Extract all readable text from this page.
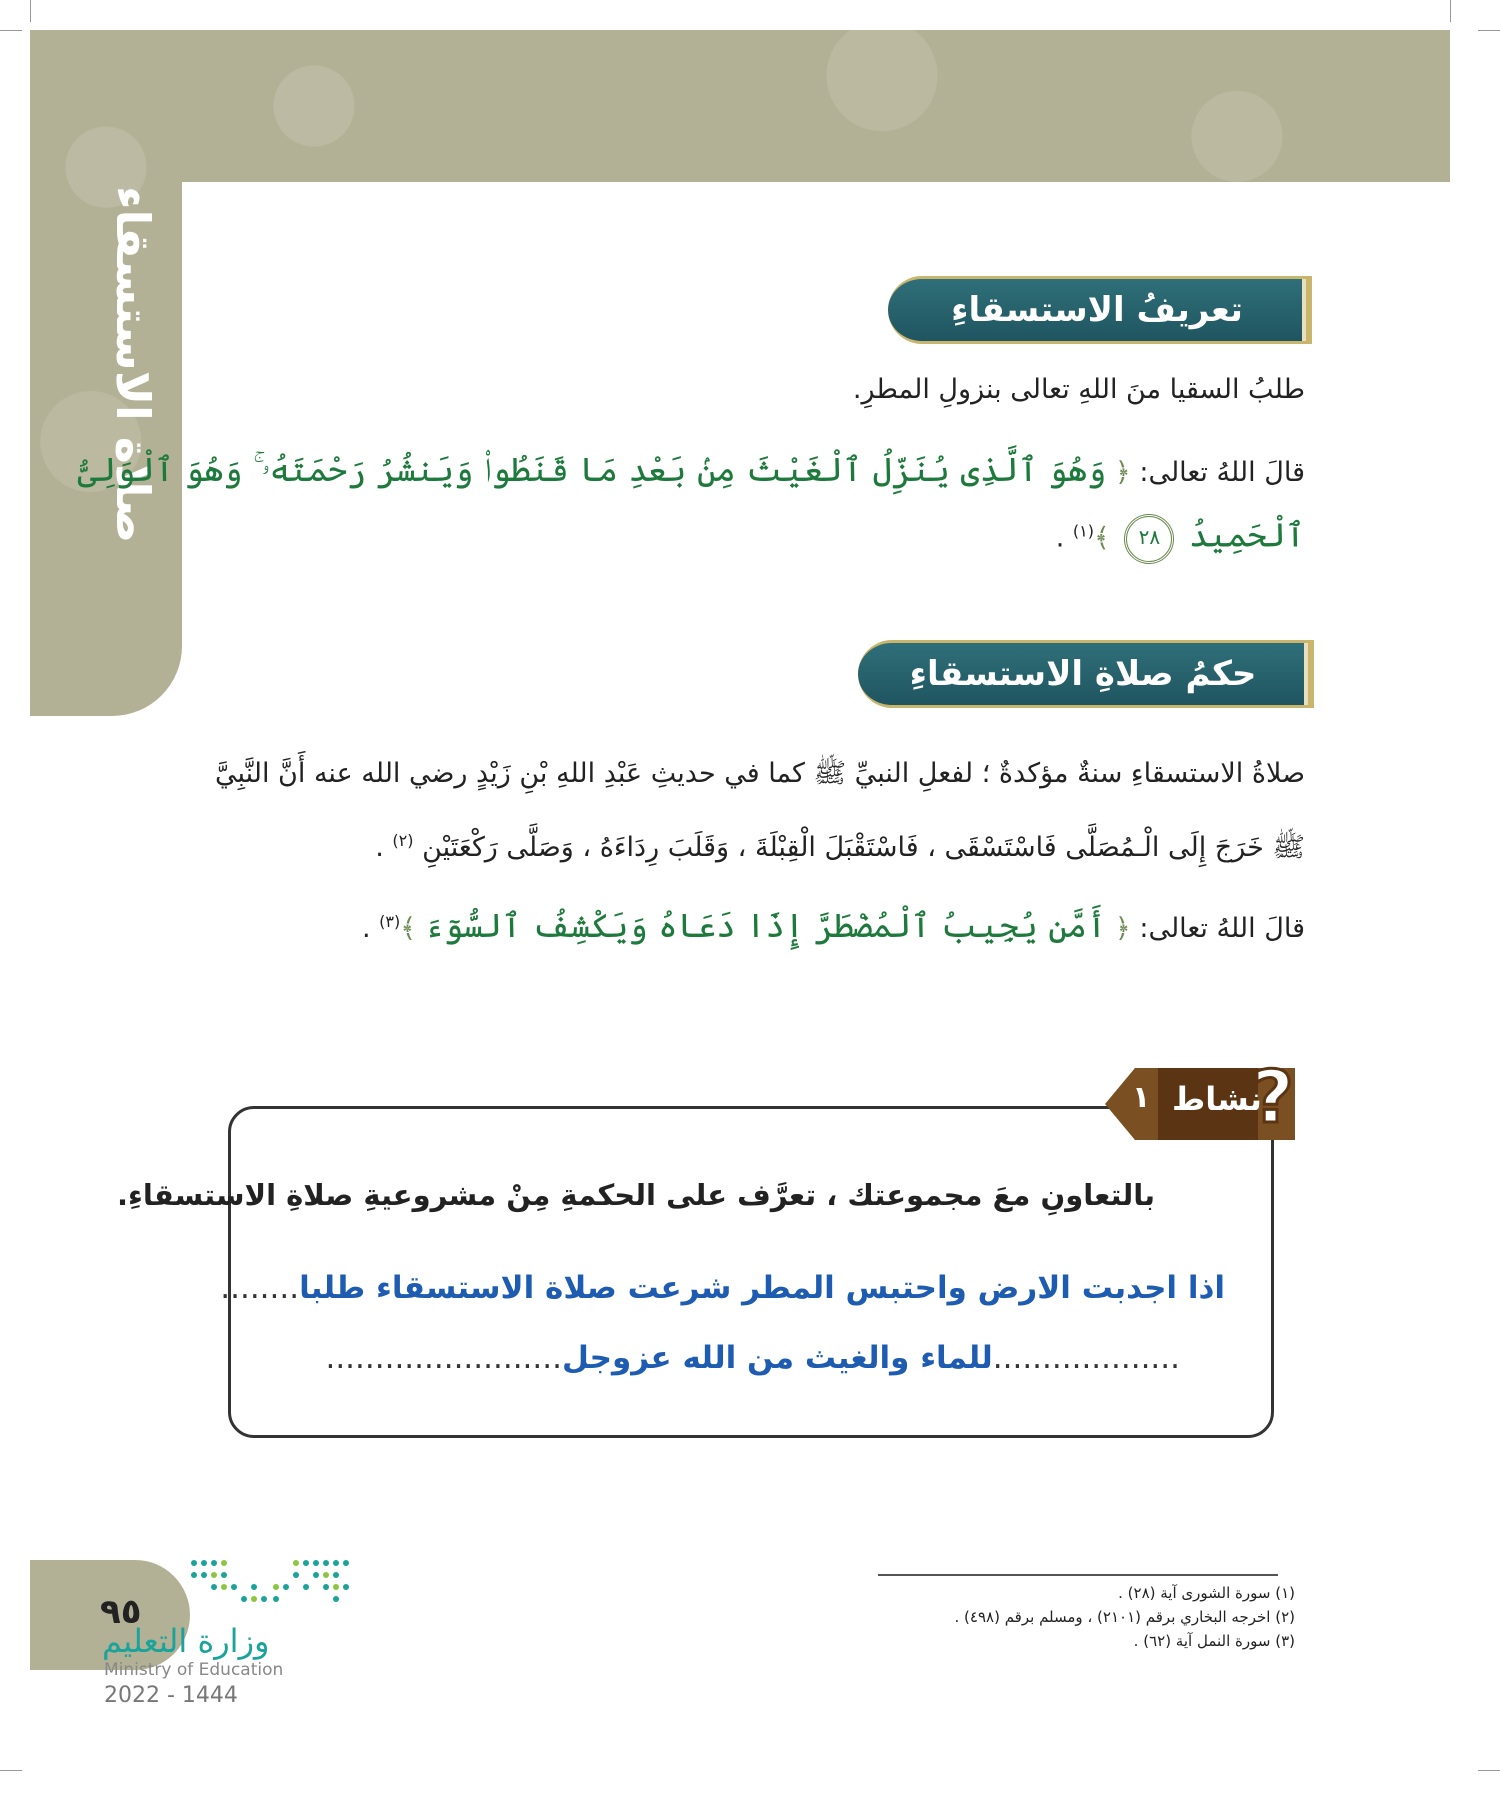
صلاة الاستسقاء	تعريفُ الاستسقاءِ
طلبُ السقيا منَ اللهِ تعالى بنزولِ المطرِ.
قالَ اللهُ تعالى: ﴿ وَهُوَ ٱلَّذِى يُنَزِّلُ ٱلْغَيْثَ مِنۢ بَعْدِ مَا قَنَطُوا۟ وَيَنشُرُ رَحْمَتَهُۥ ۚ وَهُوَ ٱلْوَلِىُّ
ٱلْحَمِيدُ ٢٨ ﴾$^{(١)}$ .
حكمُ صلاةِ الاستسقاءِ
صلاةُ الاستسقاءِ سنةٌ مؤكدةٌ ؛ لفعلِ النبيِّ ﷺ كما في حديثِ عَبْدِ اللهِ بْنِ زَيْدٍ رضي الله عنه أَنَّ النَّبِيَّ
ﷺ خَرَجَ إِلَى الْـمُصَلَّى فَاسْتَسْقَى ، فَاسْتَقْبَلَ الْقِبْلَةَ ، وَقَلَبَ رِدَاءَهُ ، وَصَلَّى رَكْعَتَيْنِ $^{(٢)}$ .
قالَ اللهُ تعالى: ﴿ أَمَّن يُجِيبُ ٱلْمُضْطَرَّ إِذَا دَعَاهُ وَيَكْشِفُ ٱلسُّوٓءَ ﴾$^{(٣)}$ .
نشاط
١ ?
بالتعاونِ معَ مجموعتك ، تعرَّف على الحكمةِ مِنْ مشروعيةِ صلاةِ الاستسقاءِ.
اذا اجدبت الارض واحتبس المطر شرعت صلاة الاستسقاء طلبا........
...................للماء والغيث من الله عزوجل........................
(١) سورة الشورى آية (٢٨) .
(٢) اخرجه البخاري برقم (٢١٠١) ، ومسلم برقم (٤٩٨) .
(٣) سورة النمل آية (٦٢) .
٩٥
وزارة التعليم
Ministry of Education
2022 - 1444
